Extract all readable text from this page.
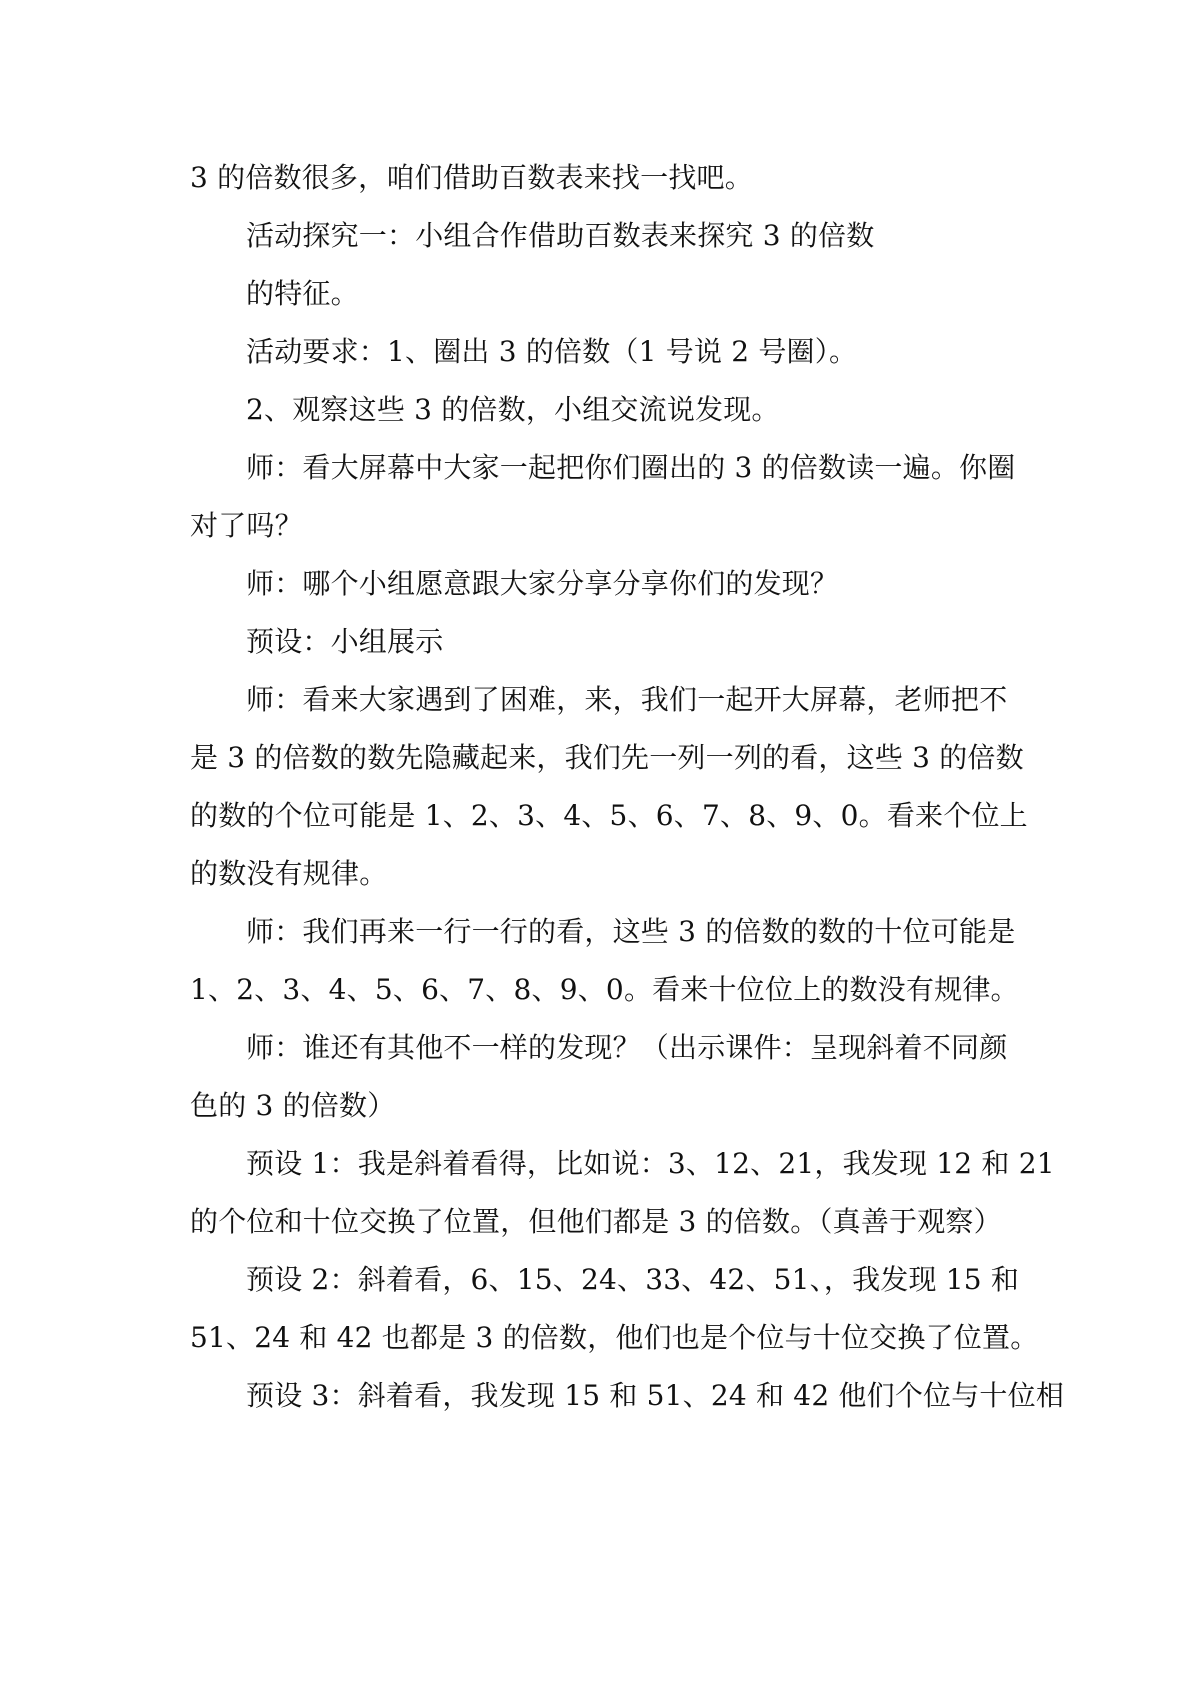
3 的倍数很多，咱们借助百数表来找一找吧。
活动探究一：小组合作借助百数表来探究 3 的倍数
的特征。
活动要求：1、圈出 3 的倍数（1 号说 2 号圈）。
2、观察这些 3 的倍数，小组交流说发现。
师：看大屏幕中大家一起把你们圈出的 3 的倍数读一遍。你圈
对了吗？
师：哪个小组愿意跟大家分享分享你们的发现？
预设：小组展示
师：看来大家遇到了困难，来，我们一起开大屏幕，老师把不
是 3 的倍数的数先隐藏起来，我们先一列一列的看，这些 3 的倍数
的数的个位可能是 1、2、3、4、5、6、7、8、9、0。看来个位上
的数没有规律。
师：我们再来一行一行的看，这些 3 的倍数的数的十位可能是
1、2、3、4、5、6、7、8、9、0。看来十位位上的数没有规律。
师：谁还有其他不一样的发现？（出示课件：呈现斜着不同颜
色的 3 的倍数）
预设 1：我是斜着看得，比如说：3、12、21，我发现 12 和 21
的个位和十位交换了位置，但他们都是 3 的倍数。（真善于观察）
预设 2：斜着看，6、15、24、33、42、51、，我发现 15 和
51、24 和 42 也都是 3 的倍数，他们也是个位与十位交换了位置。
预设 3：斜着看，我发现 15 和 51、24 和 42 他们个位与十位相
